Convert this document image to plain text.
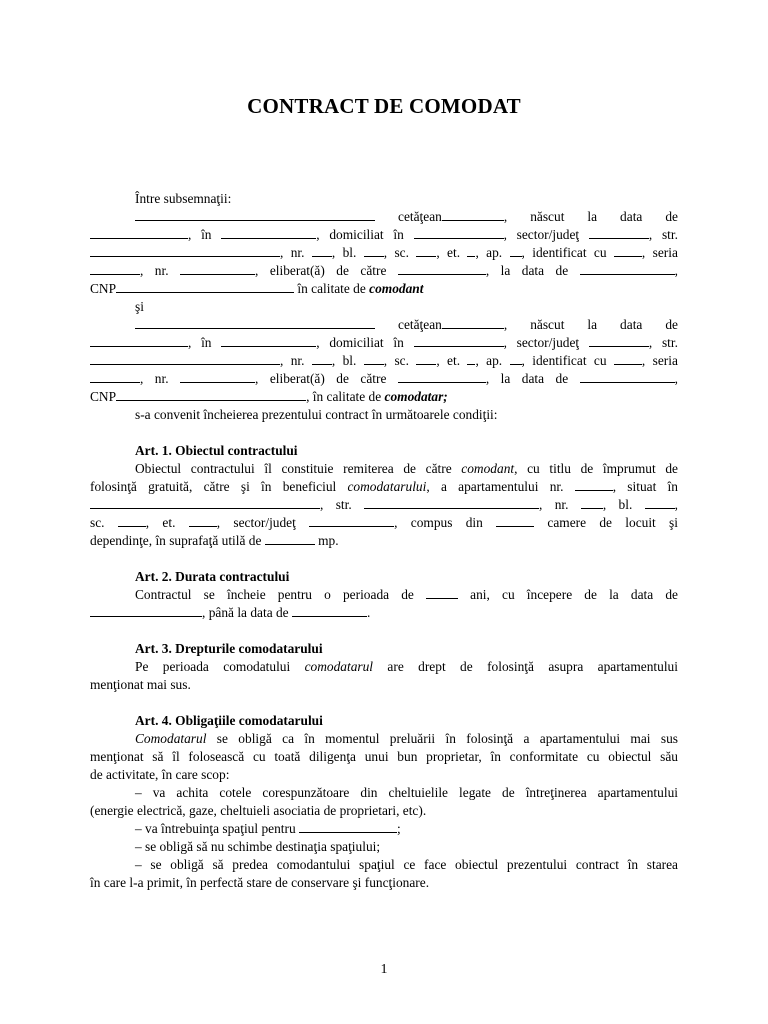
CONTRACT DE COMODAT
Între subsemnaţii:
cetăţean	, născut la data de
, în	, domiciliat în	, sector/judeţ	, str.
, nr. , bl. , sc. , et. , ap. , identificat cu	, seria
, nr.	, eliberat(ă) de către	, la data de	,
CNP	în calitate de comodant
şi
cetăţean	, născut la data de
, în	, domiciliat în	, sector/judeţ	, str.
, nr. , bl. , sc. , et. , ap. , identificat cu	, seria
, nr.	, eliberat(ă) de către	, la data de	,
CNP	, în calitate de comodatar;
s-a convenit încheierea prezentului contract în următoarele condiţii:
Art. 1. Obiectul contractului
Obiectul contractului îl constituie remiterea de către comodant, cu titlu de împrumut de
folosinţă gratuită, către şi în beneficiul comodatarului, a apartamentului nr.	, situat în
, str.	, nr. , bl. ,
sc. , et. , sector/judeţ	, compus din	camere de locuit şi
dependinţe, în suprafaţă utilă de	mp.
Art. 2. Durata contractului
Contractul se încheie pentru o perioada de  ani, cu începere de la data de
, până la data de	.
Art. 3. Drepturile comodatarului
Pe perioada comodatului comodatarul are drept de folosinţă asupra apartamentului
menţionat mai sus.
Art. 4. Obligaţiile comodatarului
Comodatarul se obligă ca în momentul preluării în folosinţă a apartamentului mai sus
menţionat să îl folosească cu toată diligenţa unui bun proprietar, în conformitate cu obiectul său
de activitate, în care scop:
– va achita cotele corespunzătoare din cheltuielile legate de întreţinerea apartamentului
(energie electrică, gaze, cheltuieli asociatia de proprietari, etc).
– va întrebuinţa spaţiul pentru	;
– se obligă să nu schimbe destinaţia spaţiului;
– se obligă să predea comodantului spaţiul ce face obiectul prezentului contract în starea
în care l-a primit, în perfectă stare de conservare şi funcţionare.
1
